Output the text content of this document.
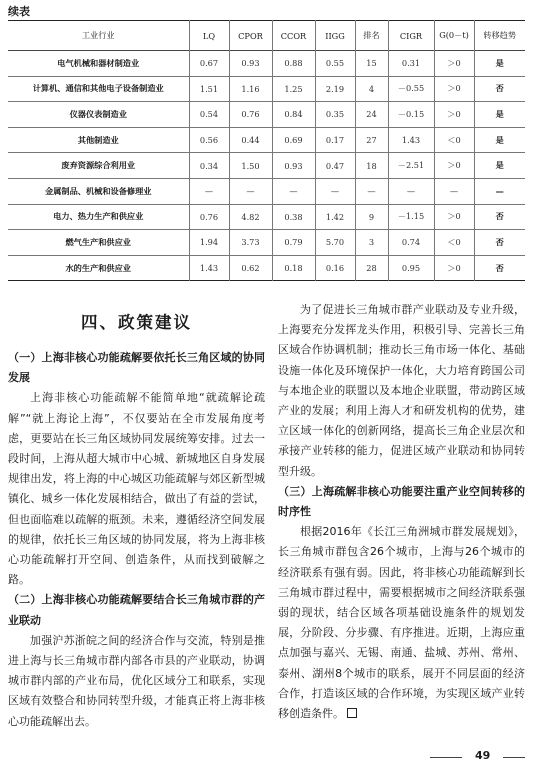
续表
工业行业	LQ	CPOR	CCOR	IIGG	排名	CIGR	G(0－t)	转移趋势
电气机械和器材制造业	0.67	0.93	0.88	0.55	15	0.31	＞0	是
计算机、通信和其他电子设备制造业	1.51	1.16	1.25	2.19	4	－0.55	＞0	否
仪器仪表制造业	0.54	0.76	0.84	0.35	24	－0.15	＞0	是
其他制造业	0.56	0.44	0.69	0.17	27	1.43	＜0	是
废弃资源综合利用业	0.34	1.50	0.93	0.47	18	－2.51	＞0	是
金属制品、机械和设备修理业	—	—	—	—	—	—	—	—
电力、热力生产和供应业	0.76	4.82	0.38	1.42	9	－1.15	＞0	否
燃气生产和供应业	1.94	3.73	0.79	5.70	3	0.74	＜0	否
水的生产和供应业	1.43	0.62	0.18	0.16	28	0.95	＞0	否

四、政策建议

（一）上海非核心功能疏解要依托长三角区域的协同发展

上海非核心功能疏解不能简单地“就疏解论疏解”“就上海论上海”，不仅要站在全市发展角度考虑，更要站在长三角区域协同发展统筹安排。过去一段时间，上海从超大城市中心城、新城地区自身发展规律出发，将上海的中心城区功能疏解与郊区新型城镇化、城乡一体化发展相结合，做出了有益的尝试，但也面临难以疏解的瓶颈。未来，遵循经济空间发展的规律，依托长三角区域的协同发展，将为上海非核心功能疏解打开空间、创造条件，从而找到破解之路。

（二）上海非核心功能疏解要结合长三角城市群的产业联动

加强沪苏浙皖之间的经济合作与交流，特别是推进上海与长三角城市群内部各市县的产业联动，协调城市群内部的产业布局，优化区域分工和联系，实现区域有效整合和协同转型升级，才能真正将上海非核心功能疏解出去。

为了促进长三角城市群产业联动及专业升级，上海要充分发挥龙头作用，积极引导、完善长三角区域合作协调机制；推动长三角市场一体化、基础设施一体化及环境保护一体化，大力培育跨国公司与本地企业的联盟以及本地企业联盟，带动跨区域产业的发展；利用上海人才和研发机构的优势，建立区域一体化的创新网络，提高长三角企业层次和承接产业转移的能力，促进区域产业联动和协同转型升级。

（三）上海疏解非核心功能要注重产业空间转移的时序性

根据2016年《长江三角洲城市群发展规划》，长三角城市群包含26个城市，上海与26个城市的经济联系有强有弱。因此，将非核心功能疏解到长三角城市群过程中，需要根据城市之间经济联系强弱的现状，结合区域各项基础设施条件的规划发展，分阶段、分步骤、有序推进。近期，上海应重点加强与嘉兴、无锡、南通、盐城、苏州、常州、泰州、湖州8个城市的联系，展开不同层面的经济合作，打造该区域的合作环境，为实现区域产业转移创造条件。

49
